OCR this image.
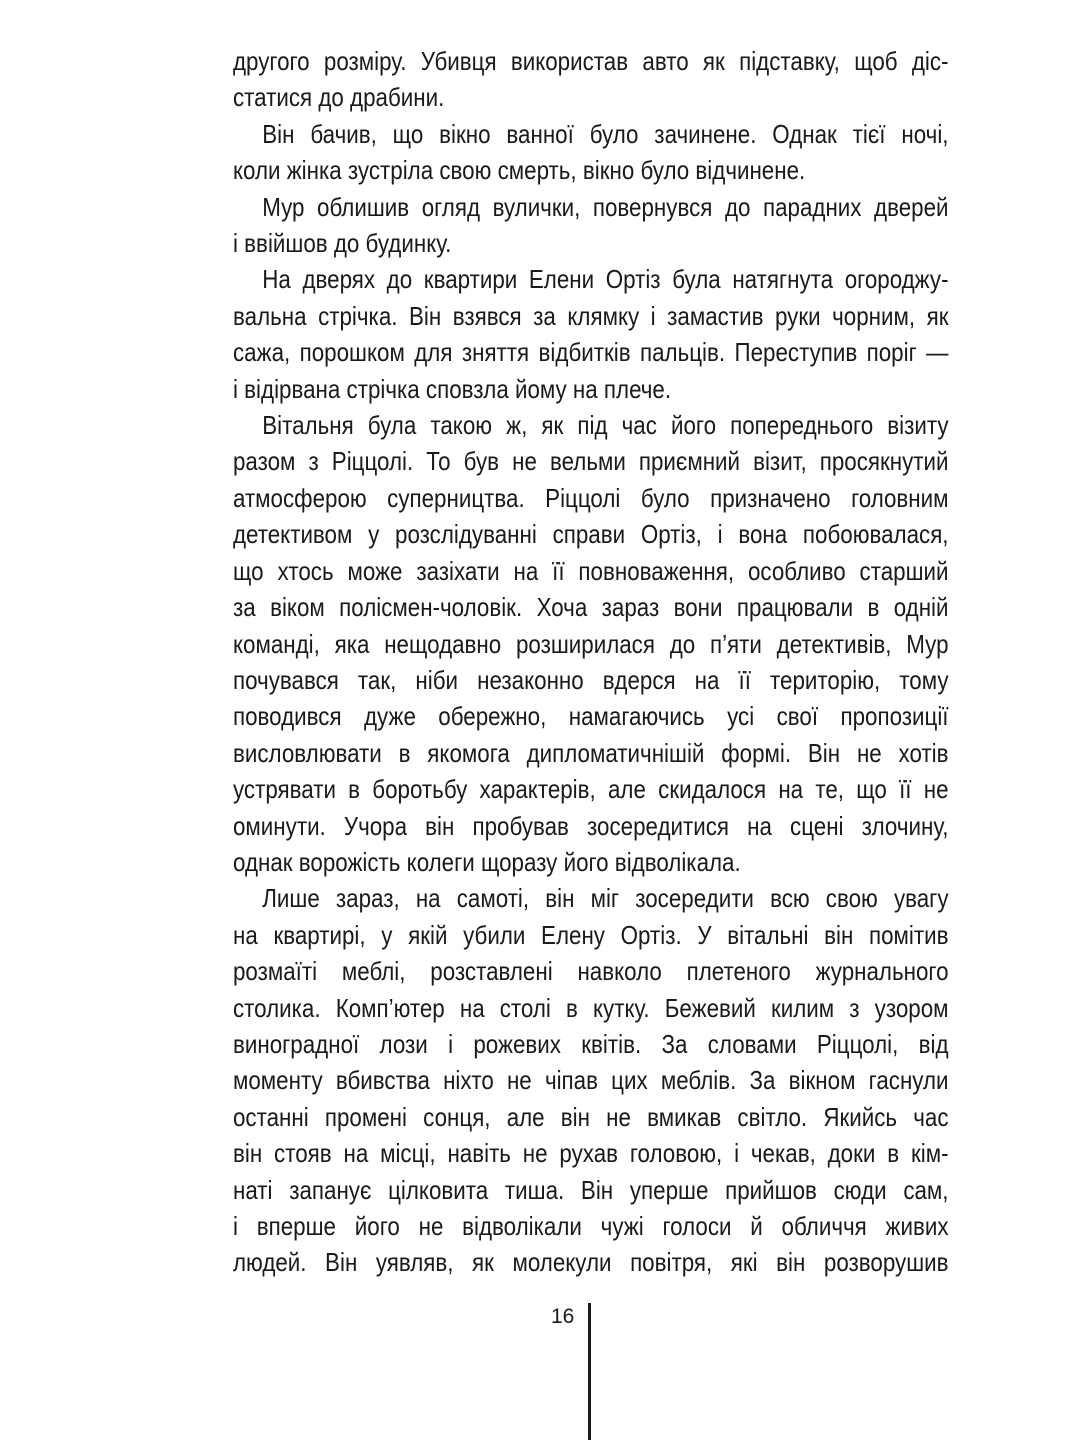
другого розміру. Убивця використав авто як підставку, щоб діс-
статися до драбини.

Він бачив, що вікно ванної було зачинене. Однак тієї ночі,
коли жінка зустріла свою смерть, вікно було відчинене.

Мур облишив огляд вулички, повернувся до парадних дверей
і ввійшов до будинку.

На дверях до квартири Елени Ортіз була натягнута огороджу-
вальна стрічка. Він взявся за клямку і замастив руки чорним, як
сажа, порошком для зняття відбитків пальців. Переступив поріг —
і відірвана стрічка сповзла йому на плече.

Вітальня була такою ж, як під час його попереднього візиту
разом з Ріццолі. То був не вельми приємний візит, просякнутий
атмосферою суперництва. Ріццолі було призначено головним
детективом у розслідуванні справи Ортіз, і вона побоювалася,
що хтось може зазіхати на її повноваження, особливо старший
за віком полісмен-чоловік. Хоча зараз вони працювали в одній
команді, яка нещодавно розширилася до п’яти детективів, Мур
почувався так, ніби незаконно вдерся на її територію, тому
поводився дуже обережно, намагаючись усі свої пропозиції
висловлювати в якомога дипломатичнішій формі. Він не хотів
устрявати в боротьбу характерів, але скидалося на те, що її не
оминути. Учора він пробував зосередитися на сцені злочину,
однак ворожість колеги щоразу його відволікала.

Лише зараз, на самоті, він міг зосередити всю свою увагу
на квартирі, у якій убили Елену Ортіз. У вітальні він помітив
розмаїті меблі, розставлені навколо плетеного журнального
столика. Комп’ютер на столі в кутку. Бежевий килим з узором
виноградної лози і рожевих квітів. За словами Ріццолі, від
моменту вбивства ніхто не чіпав цих меблів. За вікном гаснули
останні промені сонця, але він не вмикав світло. Якийсь час
він стояв на місці, навіть не рухав головою, і чекав, доки в кім-
наті запанує цілковита тиша. Він уперше прийшов сюди сам,
і вперше його не відволікали чужі голоси й обличчя живих
людей. Він уявляв, як молекули повітря, які він розворушив

16
